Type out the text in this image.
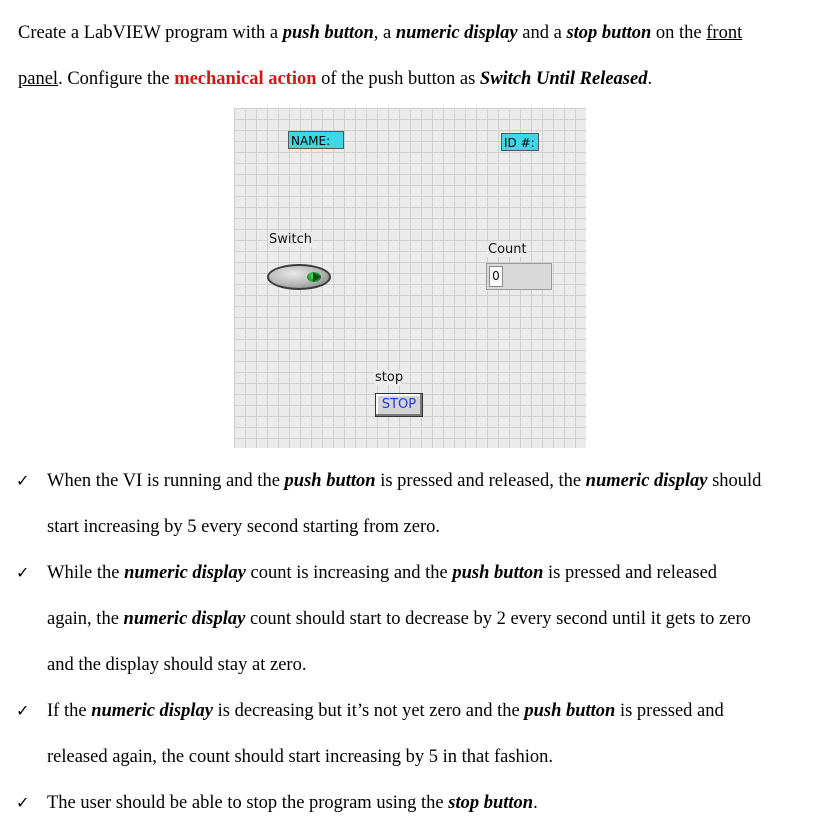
Create a LabVIEW program with a push button, a numeric display and a stop button on the front
panel. Configure the mechanical action of the push button as Switch Until Released.
NAME:	ID #:
Switch
Count
0
stop
STOP
✓ When the VI is running and the push button is pressed and released, the numeric display should
start increasing by 5 every second starting from zero.
✓ While the numeric display count is increasing and the push button is pressed and released
again, the numeric display count should start to decrease by 2 every second until it gets to zero
and the display should stay at zero.
✓ If the numeric display is decreasing but it’s not yet zero and the push button is pressed and
released again, the count should start increasing by 5 in that fashion.
✓ The user should be able to stop the program using the stop button.
